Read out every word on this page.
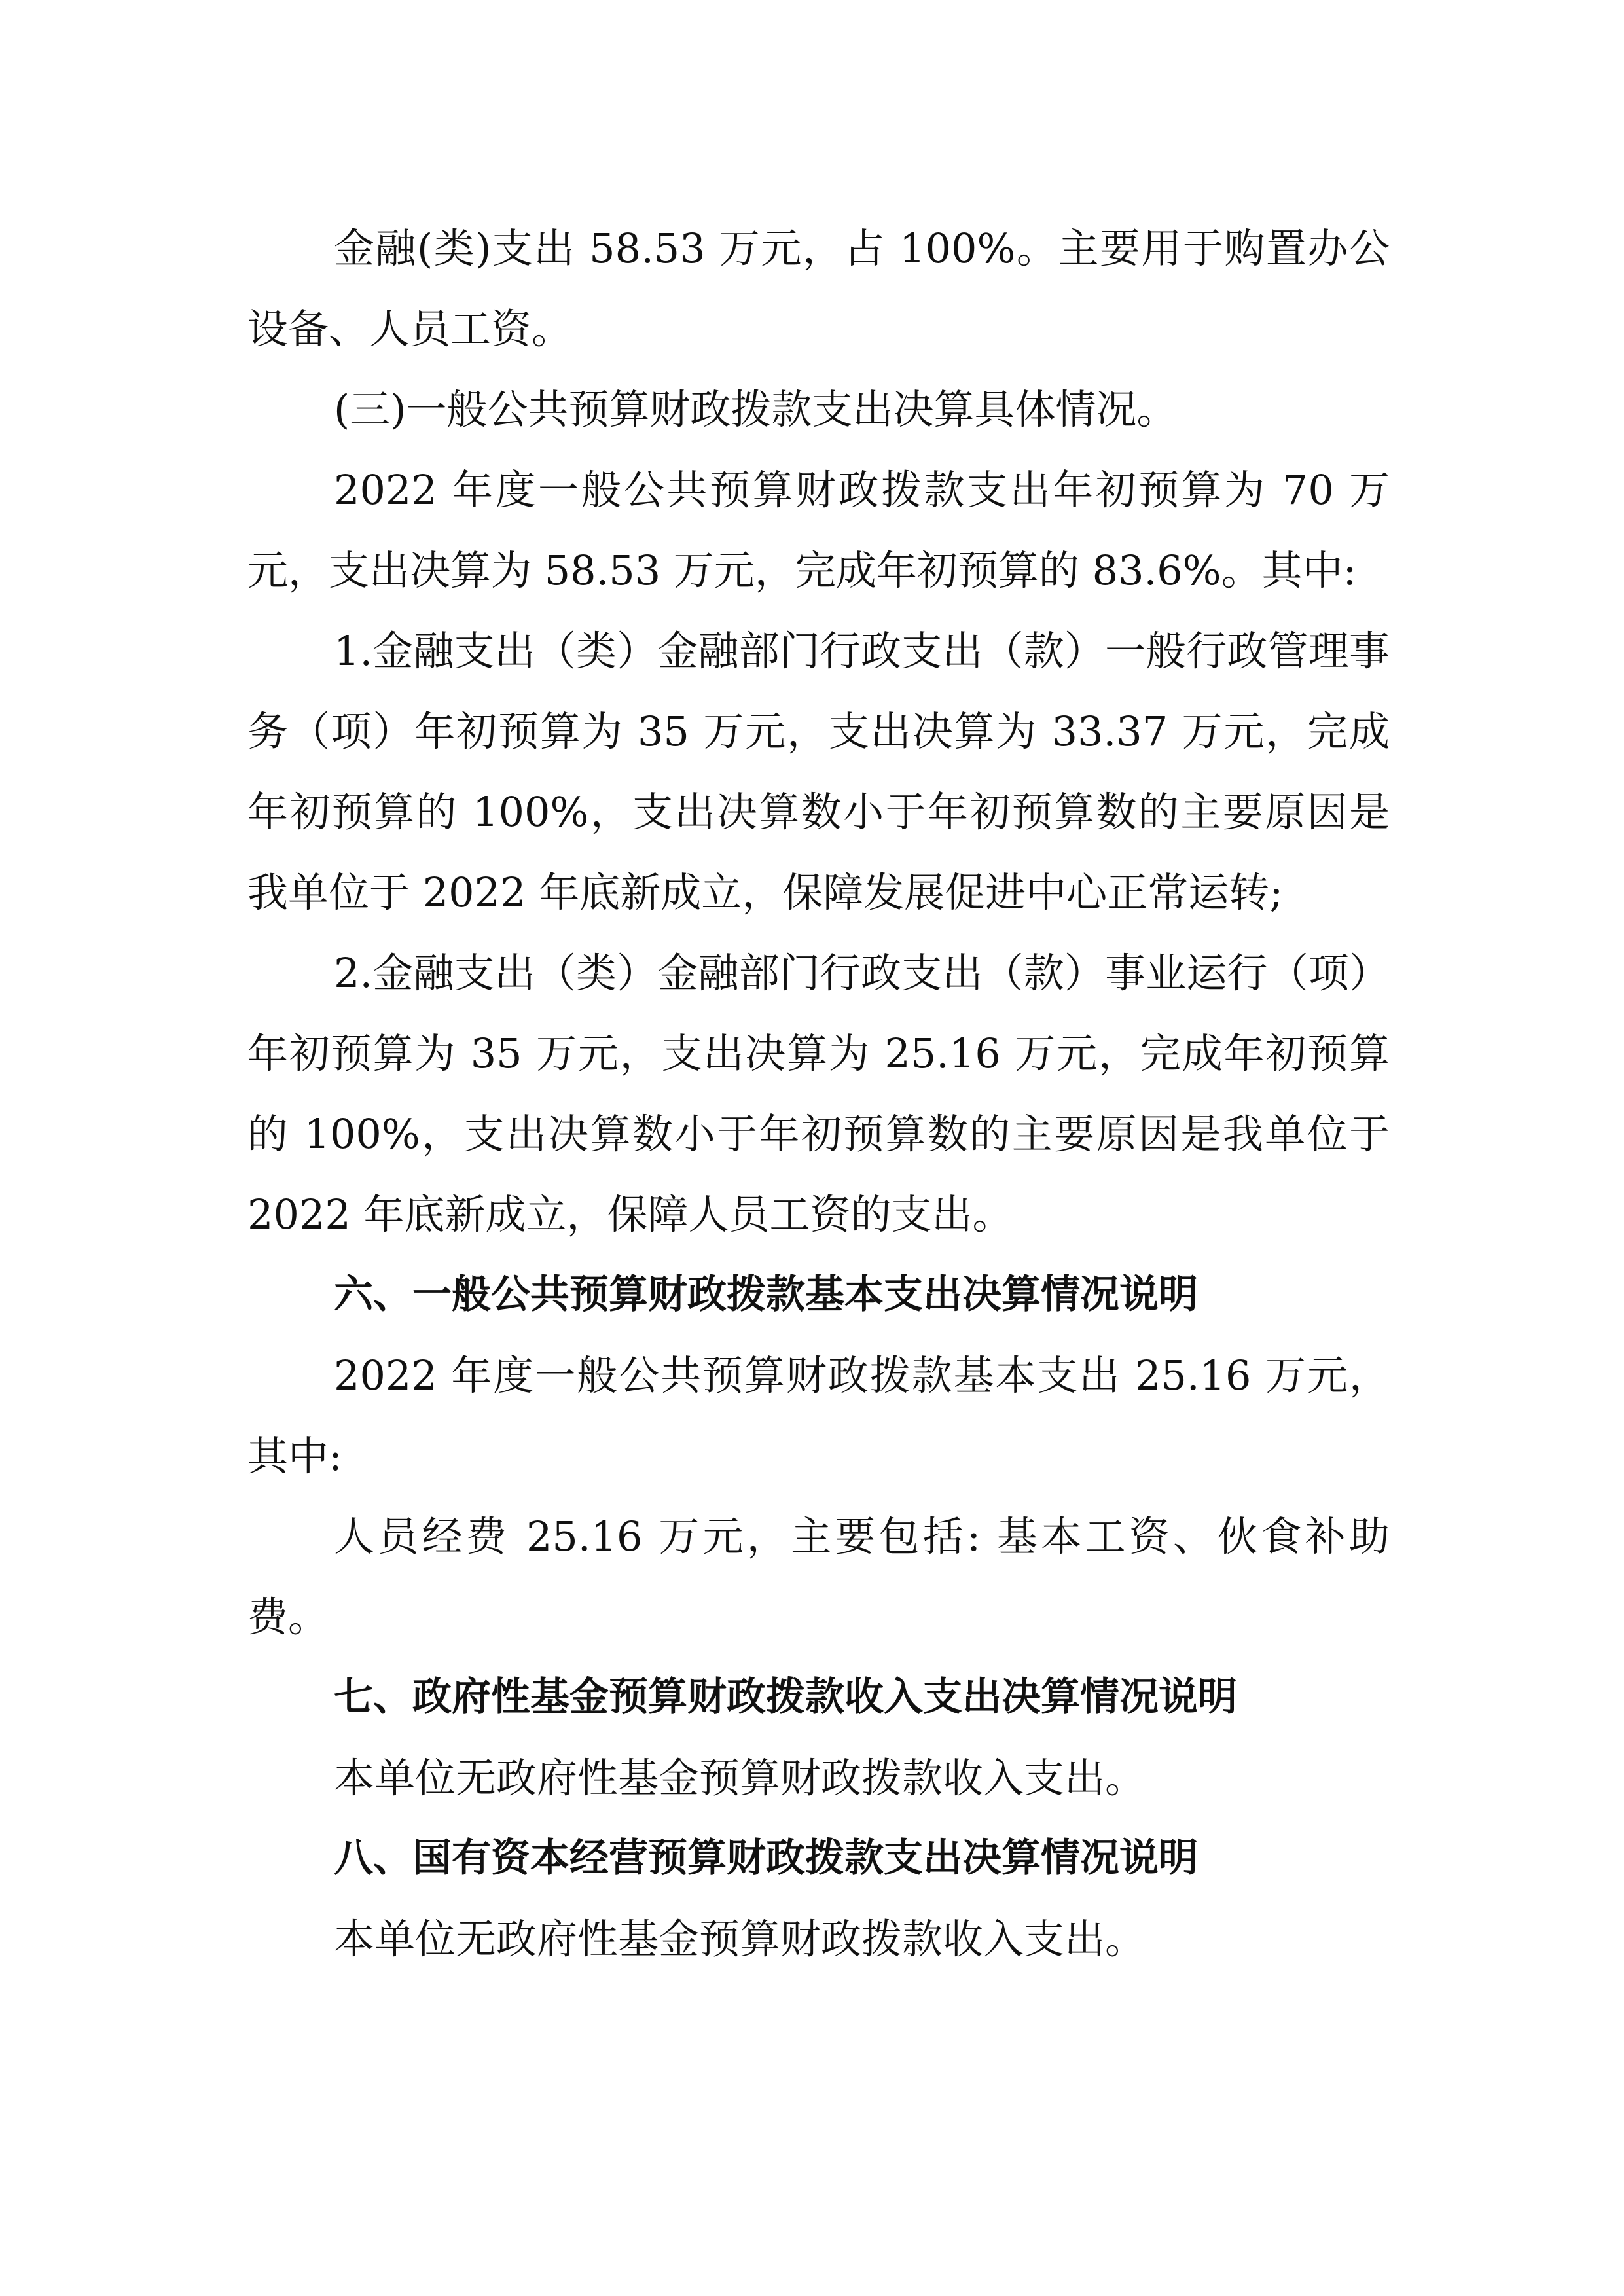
金融(类)支出 58.53 万元，占 100%。主要用于购置办公设备、人员工资。

(三)一般公共预算财政拨款支出决算具体情况。

2022 年度一般公共预算财政拨款支出年初预算为 70 万元，支出决算为 58.53 万元，完成年初预算的 83.6%。其中:

1.金融支出（类）金融部门行政支出（款）一般行政管理事务（项）年初预算为 35 万元，支出决算为 33.37 万元，完成年初预算的 100%，支出决算数小于年初预算数的主要原因是我单位于 2022 年底新成立，保障发展促进中心正常运转;

2.金融支出（类）金融部门行政支出（款）事业运行（项）年初预算为 35 万元，支出决算为 25.16 万元，完成年初预算的 100%，支出决算数小于年初预算数的主要原因是我单位于 2022 年底新成立，保障人员工资的支出。

六、一般公共预算财政拨款基本支出决算情况说明

2022 年度一般公共预算财政拨款基本支出 25.16 万元，其中:

人员经费 25.16 万元，主要包括: 基本工资、伙食补助费。

七、政府性基金预算财政拨款收入支出决算情况说明

本单位无政府性基金预算财政拨款收入支出。

八、国有资本经营预算财政拨款支出决算情况说明

本单位无政府性基金预算财政拨款收入支出。
